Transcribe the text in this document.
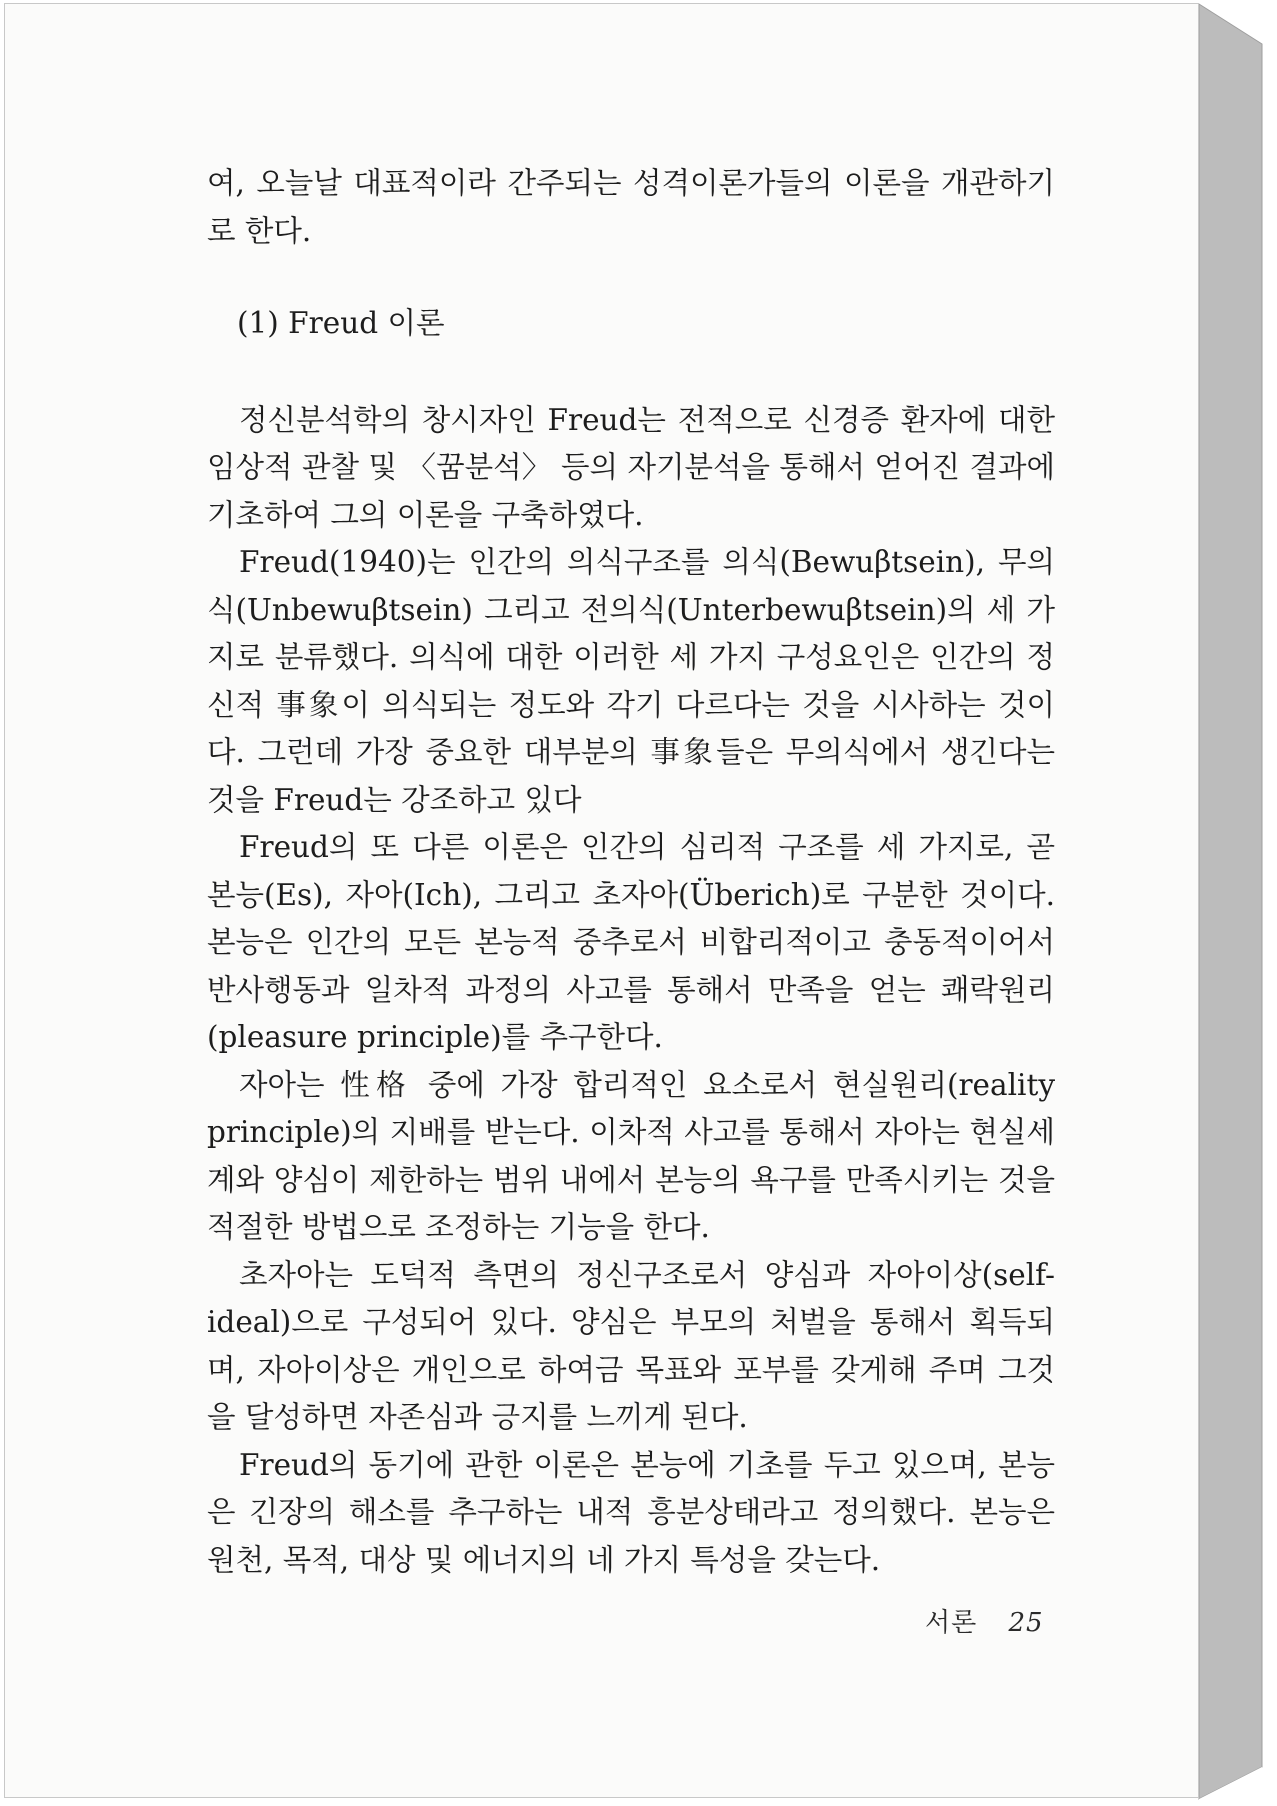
여, 오늘날 대표적이라 간주되는 성격이론가들의 이론을 개관하기로 한다.

(1) Freud 이론

정신분석학의 창시자인 Freud는 전적으로 신경증 환자에 대한 임상적 관찰 및 〈꿈분석〉 등의 자기분석을 통해서 얻어진 결과에 기초하여 그의 이론을 구축하였다.

Freud(1940)는 인간의 의식구조를 의식(Bewuβtsein), 무의식(Unbewuβtsein) 그리고 전의식(Unterbewuβtsein)의 세 가지로 분류했다. 의식에 대한 이러한 세 가지 구성요인은 인간의 정신적 事象이 의식되는 정도와 각기 다르다는 것을 시사하는 것이다. 그런데 가장 중요한 대부분의 事象들은 무의식에서 생긴다는 것을 Freud는 강조하고 있다

Freud의 또 다른 이론은 인간의 심리적 구조를 세 가지로, 곧 본능(Es), 자아(Ich), 그리고 초자아(Überich)로 구분한 것이다. 본능은 인간의 모든 본능적 중추로서 비합리적이고 충동적이어서 반사행동과 일차적 과정의 사고를 통해서 만족을 얻는 쾌락원리(pleasure principle)를 추구한다.

자아는 性格 중에 가장 합리적인 요소로서 현실원리(reality principle)의 지배를 받는다. 이차적 사고를 통해서 자아는 현실세계와 양심이 제한하는 범위 내에서 본능의 욕구를 만족시키는 것을 적절한 방법으로 조정하는 기능을 한다.

초자아는 도덕적 측면의 정신구조로서 양심과 자아이상(self-ideal)으로 구성되어 있다. 양심은 부모의 처벌을 통해서 획득되며, 자아이상은 개인으로 하여금 목표와 포부를 갖게해 주며 그것을 달성하면 자존심과 긍지를 느끼게 된다.

Freud의 동기에 관한 이론은 본능에 기초를 두고 있으며, 본능은 긴장의 해소를 추구하는 내적 흥분상태라고 정의했다. 본능은 원천, 목적, 대상 및 에너지의 네 가지 특성을 갖는다.

서론 25
